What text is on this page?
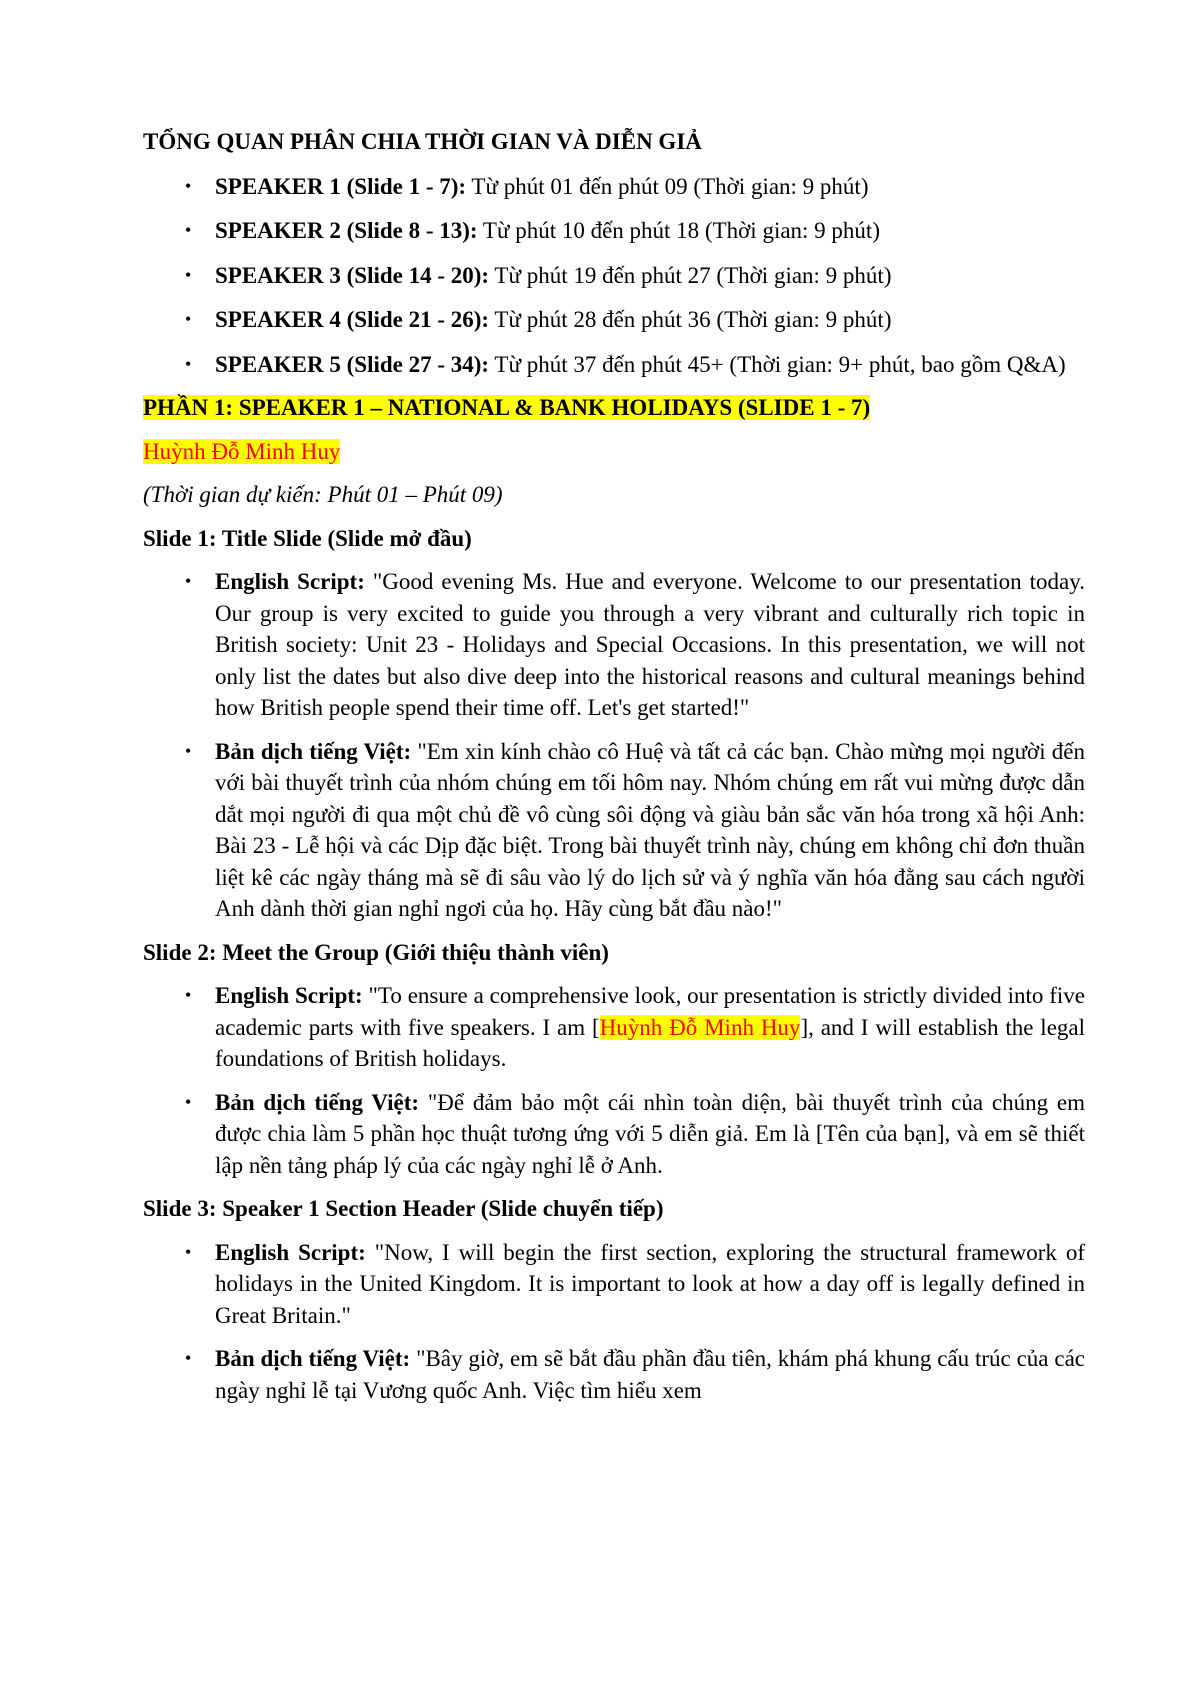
TỔNG QUAN PHÂN CHIA THỜI GIAN VÀ DIỄN GIẢ
• SPEAKER 1 (Slide 1 - 7): Từ phút 01 đến phút 09 (Thời gian: 9 phút)
• SPEAKER 2 (Slide 8 - 13): Từ phút 10 đến phút 18 (Thời gian: 9 phút)
• SPEAKER 3 (Slide 14 - 20): Từ phút 19 đến phút 27 (Thời gian: 9 phút)
• SPEAKER 4 (Slide 21 - 26): Từ phút 28 đến phút 36 (Thời gian: 9 phút)
• SPEAKER 5 (Slide 27 - 34): Từ phút 37 đến phút 45+ (Thời gian: 9+ phút, bao gồm Q&A)
PHẦN 1: SPEAKER 1 – NATIONAL & BANK HOLIDAYS (SLIDE 1 - 7)
Huỳnh Đỗ Minh Huy
(Thời gian dự kiến: Phút 01 – Phút 09)
Slide 1: Title Slide (Slide mở đầu)
• English Script: "Good evening Ms. Hue and everyone. Welcome to our presentation today. Our group is very excited to guide you through a very vibrant and culturally rich topic in British society: Unit 23 - Holidays and Special Occasions. In this presentation, we will not only list the dates but also dive deep into the historical reasons and cultural meanings behind how British people spend their time off. Let's get started!"
• Bản dịch tiếng Việt: "Em xin kính chào cô Huệ và tất cả các bạn. Chào mừng mọi người đến với bài thuyết trình của nhóm chúng em tối hôm nay. Nhóm chúng em rất vui mừng được dẫn dắt mọi người đi qua một chủ đề vô cùng sôi động và giàu bản sắc văn hóa trong xã hội Anh: Bài 23 - Lễ hội và các Dịp đặc biệt. Trong bài thuyết trình này, chúng em không chỉ đơn thuần liệt kê các ngày tháng mà sẽ đi sâu vào lý do lịch sử và ý nghĩa văn hóa đằng sau cách người Anh dành thời gian nghỉ ngơi của họ. Hãy cùng bắt đầu nào!"
Slide 2: Meet the Group (Giới thiệu thành viên)
• English Script: "To ensure a comprehensive look, our presentation is strictly divided into five academic parts with five speakers. I am [Huỳnh Đỗ Minh Huy], and I will establish the legal foundations of British holidays.
• Bản dịch tiếng Việt: "Để đảm bảo một cái nhìn toàn diện, bài thuyết trình của chúng em được chia làm 5 phần học thuật tương ứng với 5 diễn giả. Em là [Tên của bạn], và em sẽ thiết lập nền tảng pháp lý của các ngày nghỉ lễ ở Anh.
Slide 3: Speaker 1 Section Header (Slide chuyển tiếp)
• English Script: "Now, I will begin the first section, exploring the structural framework of holidays in the United Kingdom. It is important to look at how a day off is legally defined in Great Britain."
• Bản dịch tiếng Việt: "Bây giờ, em sẽ bắt đầu phần đầu tiên, khám phá khung cấu trúc của các ngày nghỉ lễ tại Vương quốc Anh. Việc tìm hiểu xem
